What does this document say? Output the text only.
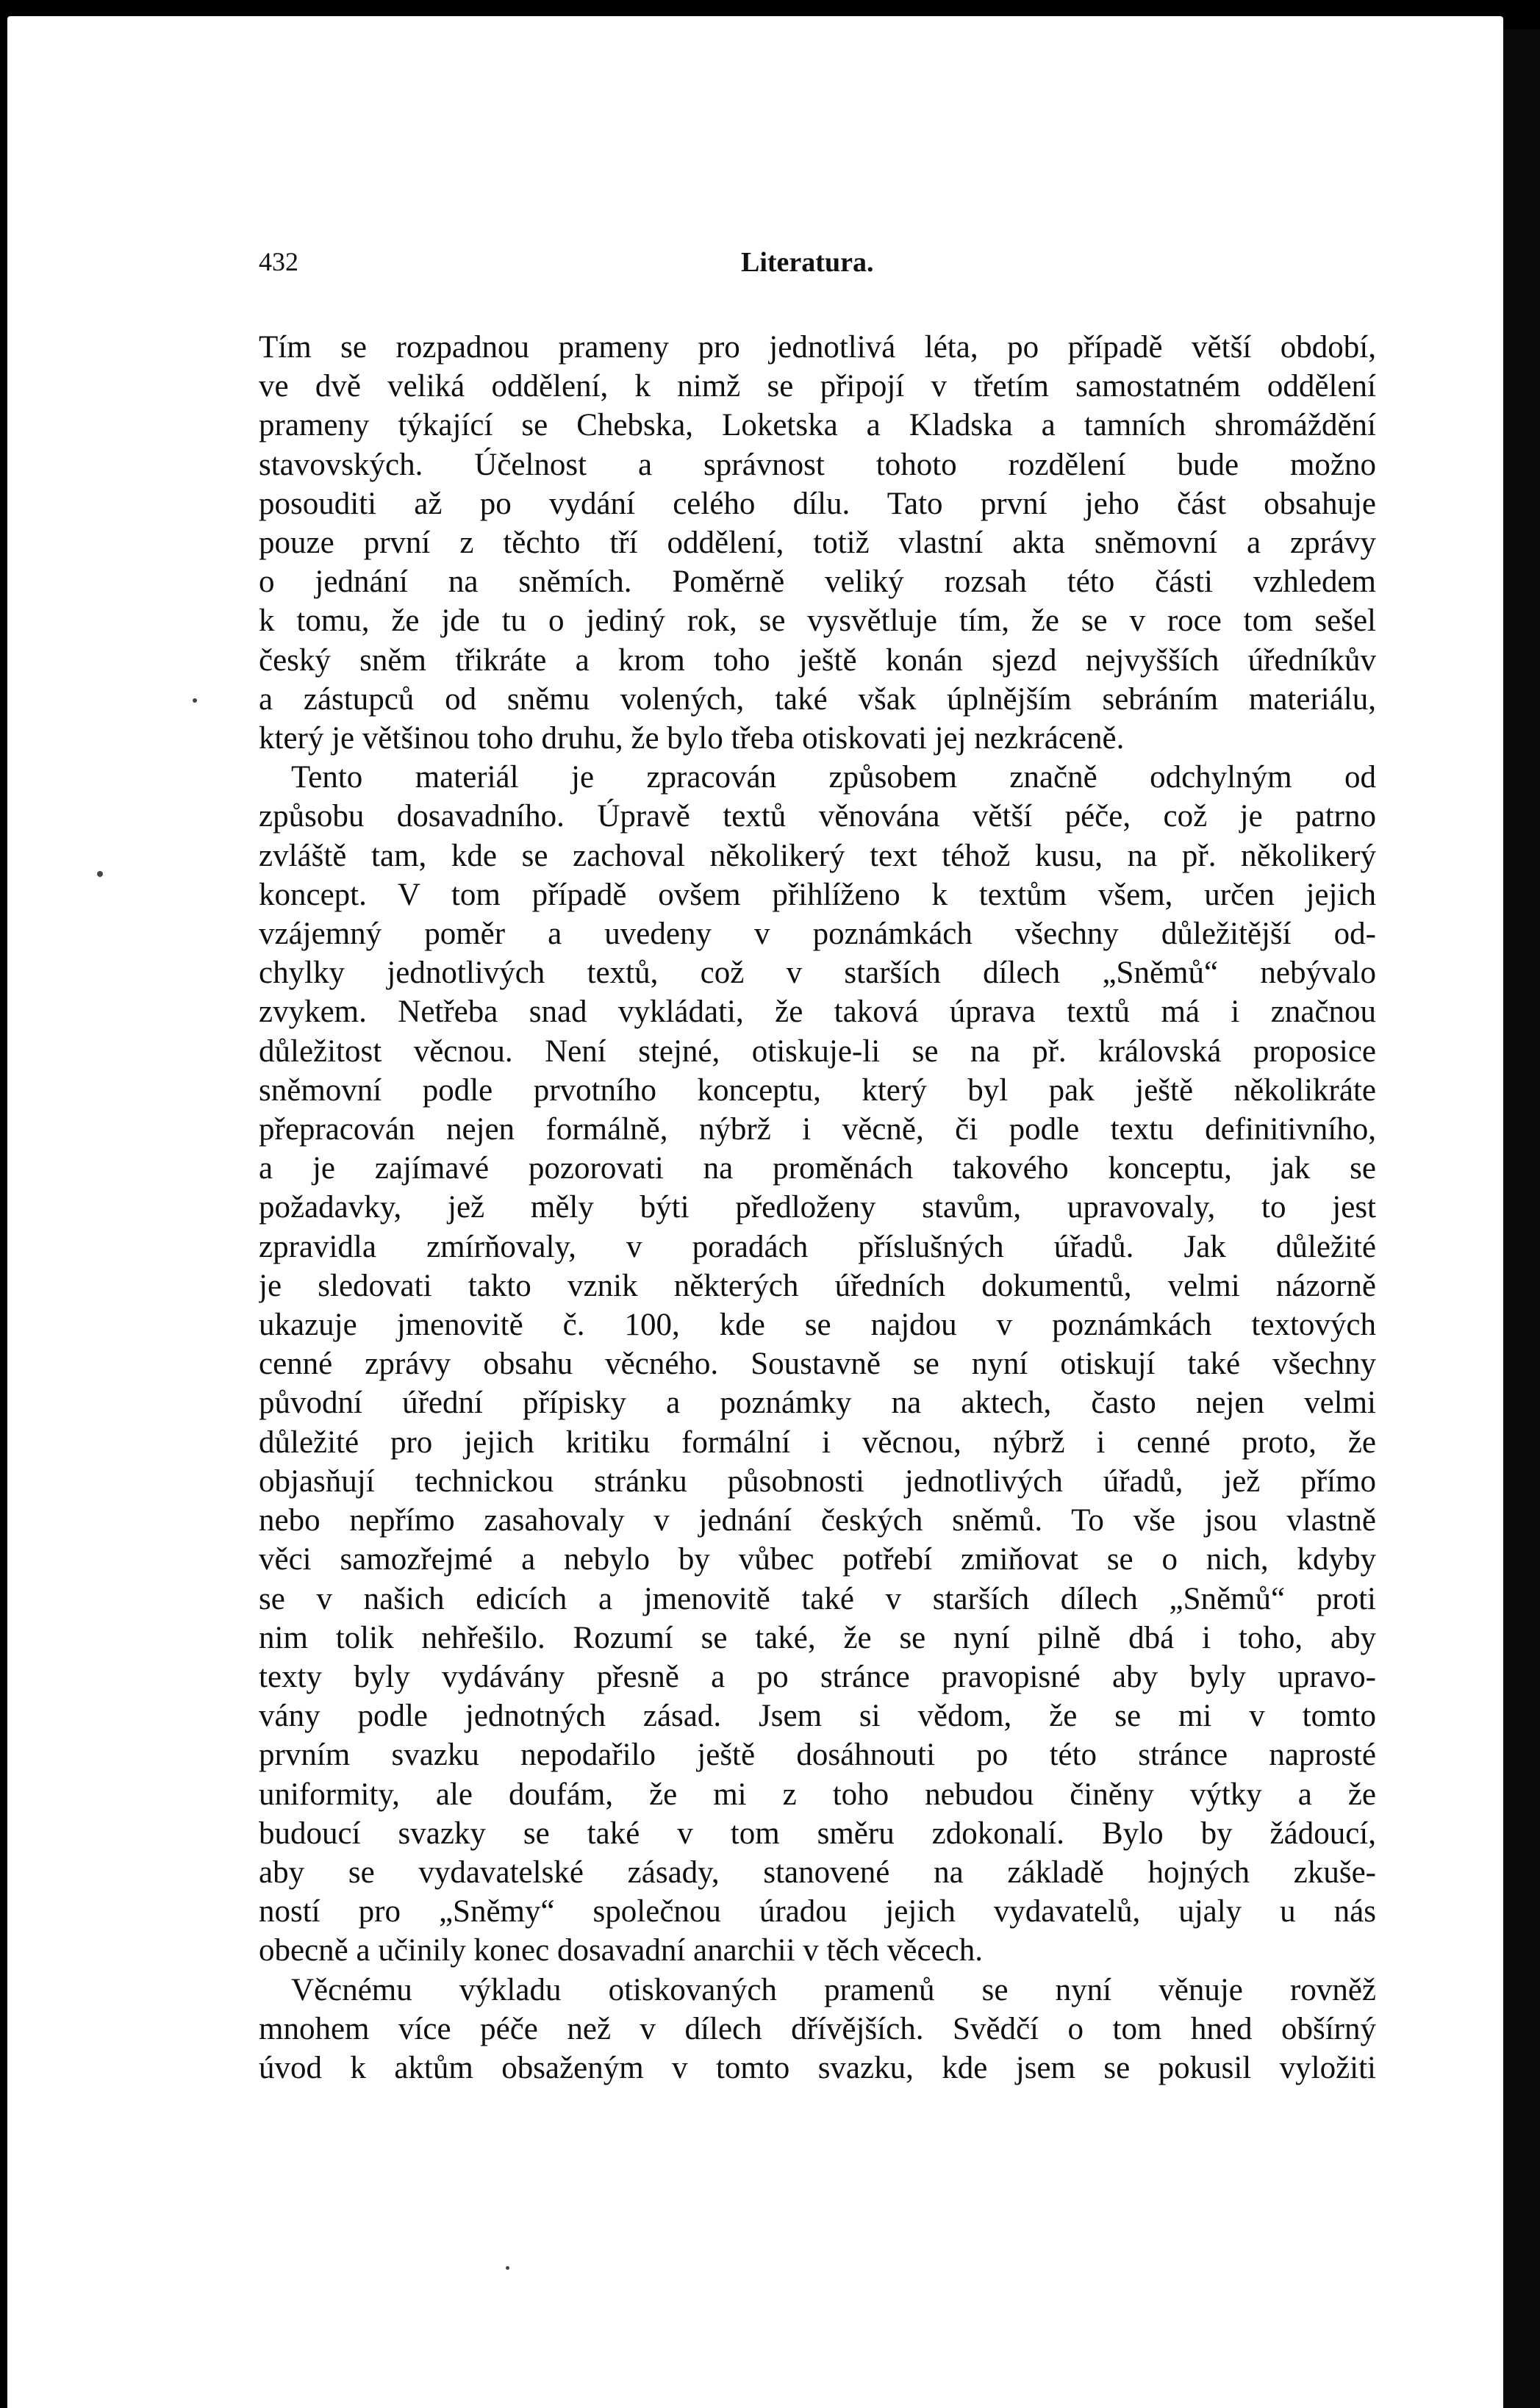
432	Literatura.
Tím se rozpadnou prameny pro jednotlivá léta, po případě větší období,
ve dvě veliká oddělení, k nimž se připojí v třetím samostatném oddělení
prameny týkající se Chebska, Loketska a Kladska a tamních shromáždění
stavovských. Účelnost a správnost tohoto rozdělení bude možno
posouditi až po vydání celého dílu. Tato první jeho část obsahuje
pouze první z těchto tří oddělení, totiž vlastní akta sněmovní a zprávy
o jednání na sněmích. Poměrně veliký rozsah této části vzhledem
k tomu, že jde tu o jediný rok, se vysvětluje tím, že se v roce tom sešel
český sněm třikráte a krom toho ještě konán sjezd nejvyšších úředníkův
a zástupců od sněmu volených, také však úplnějším sebráním materiálu,
který je většinou toho druhu, že bylo třeba otiskovati jej nezkráceně.
Tento materiál je zpracován způsobem značně odchylným od
způsobu dosavadního. Úpravě textů věnována větší péče, což je patrno
zvláště tam, kde se zachoval několikerý text téhož kusu, na př. několikerý
koncept. V tom případě ovšem přihlíženo k textům všem, určen jejich
vzájemný poměr a uvedeny v poznámkách všechny důležitější od-
chylky jednotlivých textů, což v starších dílech „Sněmů“ nebývalo
zvykem. Netřeba snad vykládati, že taková úprava textů má i značnou
důležitost věcnou. Není stejné, otiskuje-li se na př. královská proposice
sněmovní podle prvotního konceptu, který byl pak ještě několikráte
přepracován nejen formálně, nýbrž i věcně, či podle textu definitivního,
a je zajímavé pozorovati na proměnách takového konceptu, jak se
požadavky, jež měly býti předloženy stavům, upravovaly, to jest
zpravidla zmírňovaly, v poradách příslušných úřadů. Jak důležité
je sledovati takto vznik některých úředních dokumentů, velmi názorně
ukazuje jmenovitě č. 100, kde se najdou v poznámkách textových
cenné zprávy obsahu věcného. Soustavně se nyní otiskují také všechny
původní úřední přípisky a poznámky na aktech, často nejen velmi
důležité pro jejich kritiku formální i věcnou, nýbrž i cenné proto, že
objasňují technickou stránku působnosti jednotlivých úřadů, jež přímo
nebo nepřímo zasahovaly v jednání českých sněmů. To vše jsou vlastně
věci samozřejmé a nebylo by vůbec potřebí zmiňovat se o nich, kdyby
se v našich edicích a jmenovitě také v starších dílech „Sněmů“ proti
nim tolik nehřešilo. Rozumí se také, že se nyní pilně dbá i toho, aby
texty byly vydávány přesně a po stránce pravopisné aby byly upravo-
vány podle jednotných zásad. Jsem si vědom, že se mi v tomto
prvním svazku nepodařilo ještě dosáhnouti po této stránce naprosté
uniformity, ale doufám, že mi z toho nebudou činěny výtky a že
budoucí svazky se také v tom směru zdokonalí. Bylo by žádoucí,
aby se vydavatelské zásady, stanovené na základě hojných zkuše-
ností pro „Sněmy“ společnou úradou jejich vydavatelů, ujaly u nás
obecně a učinily konec dosavadní anarchii v těch věcech.
Věcnému výkladu otiskovaných pramenů se nyní věnuje rovněž
mnohem více péče než v dílech dřívějších. Svědčí o tom hned obšírný
úvod k aktům obsaženým v tomto svazku, kde jsem se pokusil vyložiti
